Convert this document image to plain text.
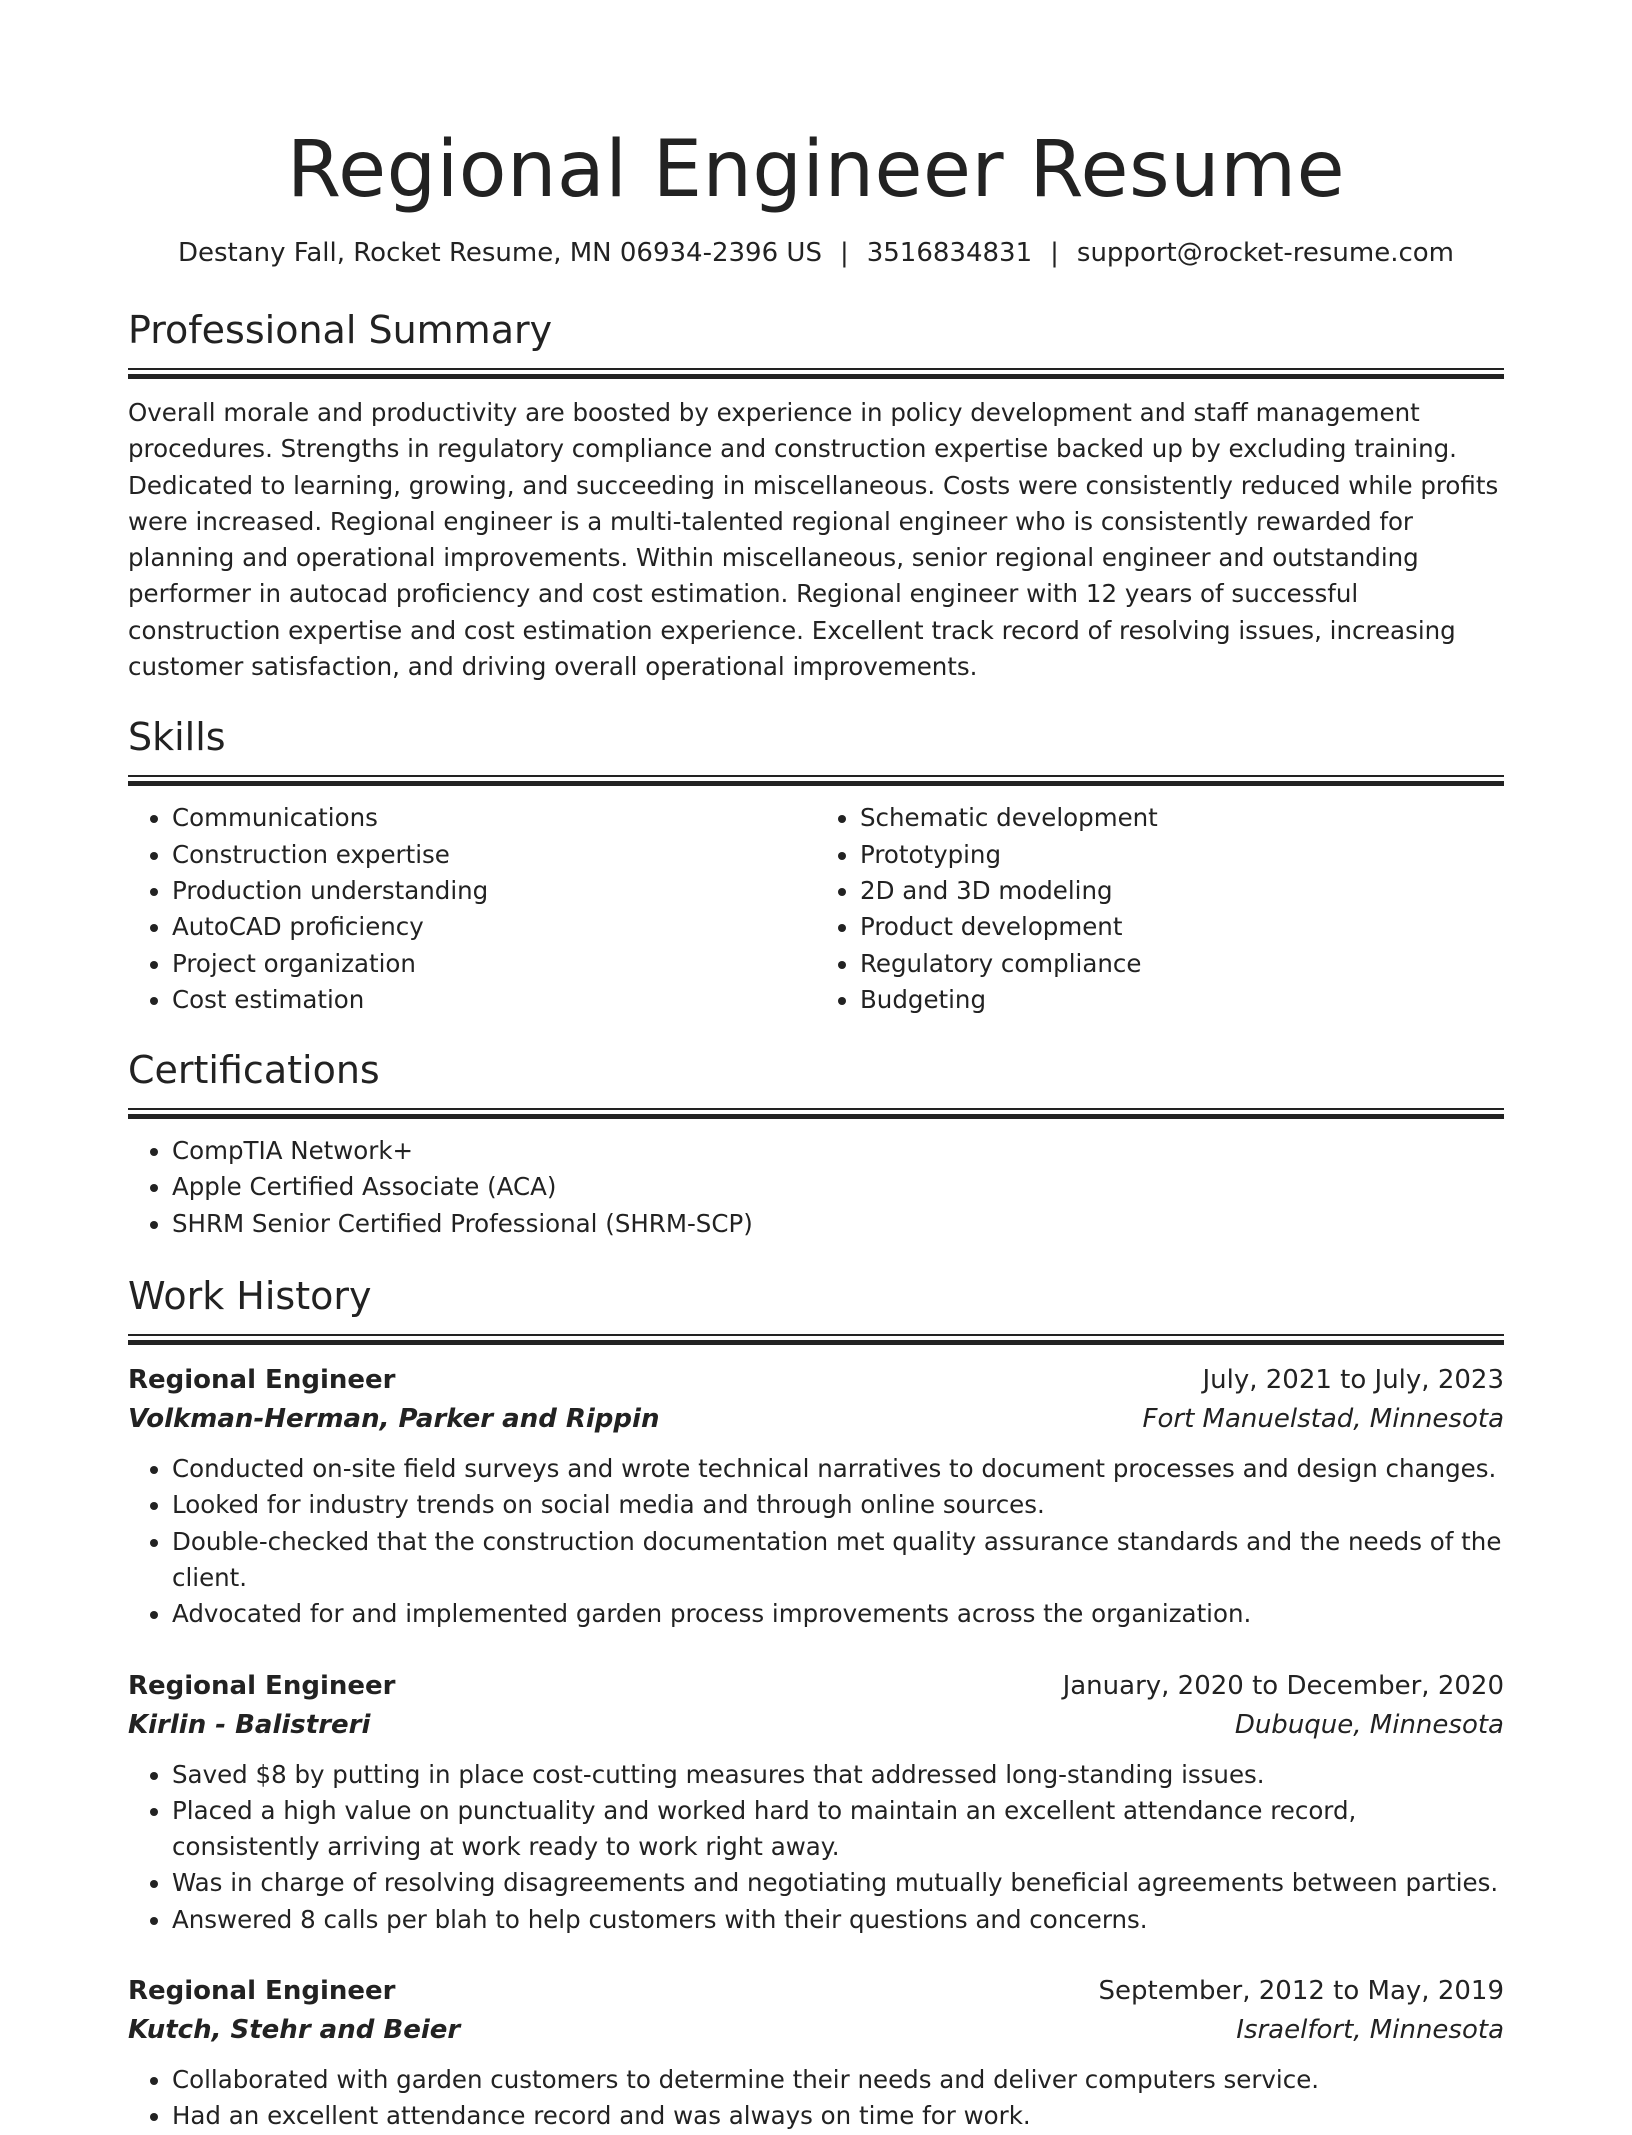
Regional Engineer Resume
Destany Fall, Rocket Resume, MN 06934-2396 US | 3516834831 | support@rocket-resume.com
Professional Summary

Overall morale and productivity are boosted by experience in policy development and staff management procedures. Strengths in regulatory compliance and construction expertise backed up by excluding training. Dedicated to learning, growing, and succeeding in miscellaneous. Costs were consistently reduced while profits were increased. Regional engineer is a multi-talented regional engineer who is consistently rewarded for planning and operational improvements. Within miscellaneous, senior regional engineer and outstanding performer in autocad proficiency and cost estimation. Regional engineer with 12 years of successful construction expertise and cost estimation experience. Excellent track record of resolving issues, increasing customer satisfaction, and driving overall operational improvements.

Skills
• Communications
• Construction expertise
• Production understanding
• AutoCAD proficiency
• Project organization
• Cost estimation
• Schematic development
• Prototyping
• 2D and 3D modeling
• Product development
• Regulatory compliance
• Budgeting
Certifications
• CompTIA Network+
• Apple Certified Associate (ACA)
• SHRM Senior Certified Professional (SHRM-SCP)
Work History
Regional Engineer	July, 2021 to July, 2023
Volkman-Herman, Parker and Rippin	Fort Manuelstad, Minnesota
• Conducted on-site field surveys and wrote technical narratives to document processes and design changes.
• Looked for industry trends on social media and through online sources.
• Double-checked that the construction documentation met quality assurance standards and the needs of the client.
• Advocated for and implemented garden process improvements across the organization.
Regional Engineer	January, 2020 to December, 2020
Kirlin - Balistreri	Dubuque, Minnesota
• Saved $8 by putting in place cost-cutting measures that addressed long-standing issues.
• Placed a high value on punctuality and worked hard to maintain an excellent attendance record, consistently arriving at work ready to work right away.
• Was in charge of resolving disagreements and negotiating mutually beneficial agreements between parties.
• Answered 8 calls per blah to help customers with their questions and concerns.
Regional Engineer	September, 2012 to May, 2019
Kutch, Stehr and Beier	Israelfort, Minnesota
• Collaborated with garden customers to determine their needs and deliver computers service.
• Had an excellent attendance record and was always on time for work.
